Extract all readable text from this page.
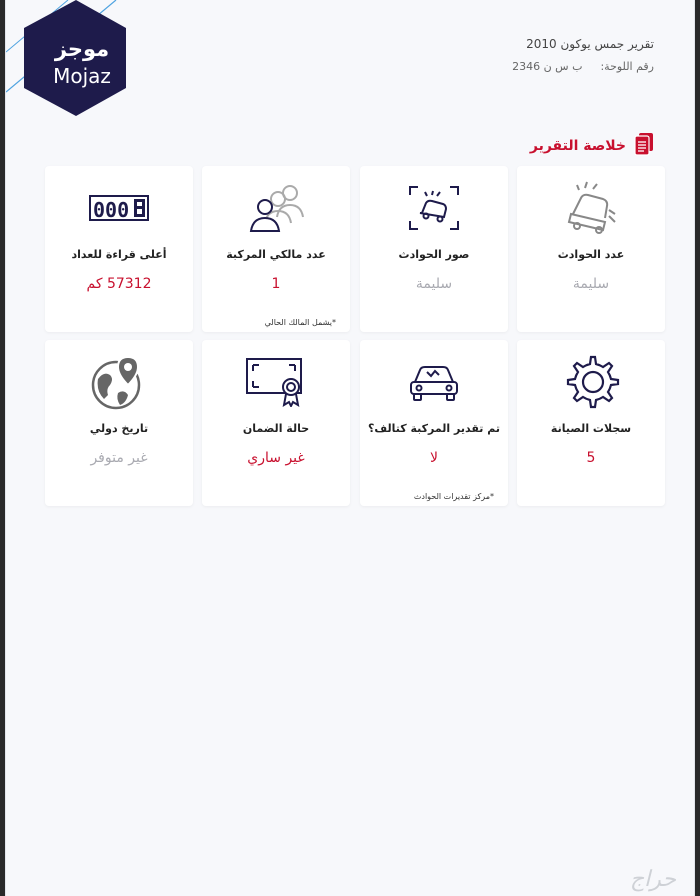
موجز
Mojaz
تقرير جمس يوكون 2010
رقم اللوحة:
ب س ن 2346
خلاصة التقرير
عدد الحوادث
سليمة
صور الحوادث
سليمة
عدد مالكي المركبة
1
*يشمل المالك الحالي
000
أعلى قراءة للعداد
57312 كم
سجلات الصيانة
5
تم تقدير المركبة كتالف؟
لا
*مركز تقديرات الحوادث
حالة الضمان
غير ساري
تاريخ دولي
غير متوفر
حراج
